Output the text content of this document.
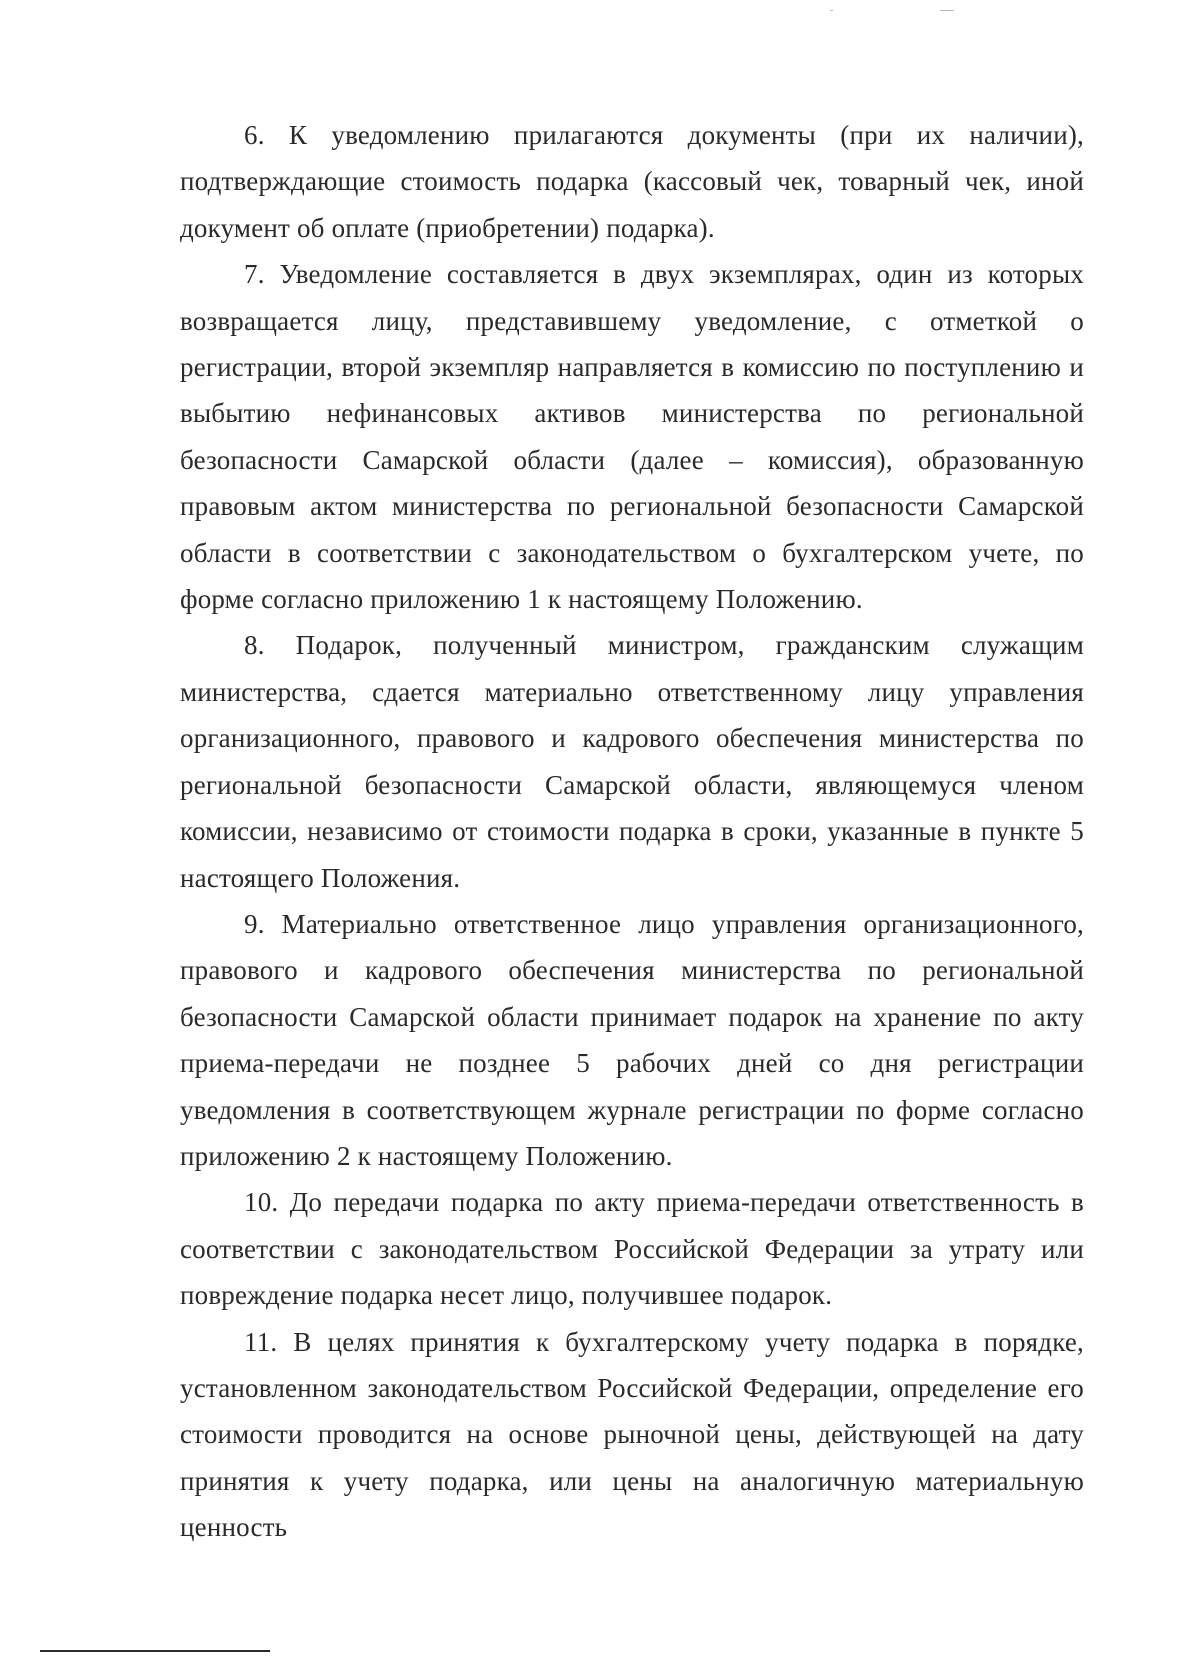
6. К уведомлению прилагаются документы (при их наличии), подтверждающие стоимость подарка (кассовый чек, товарный чек, иной документ об оплате (приобретении) подарка).

7. Уведомление составляется в двух экземплярах, один из которых возвращается лицу, представившему уведомление, с отметкой о регистрации, второй экземпляр направляется в комиссию по поступлению и выбытию нефинансовых активов министерства по региональной безопасности Самарской области (далее – комиссия), образованную правовым актом министерства по региональной безопасности Самарской области в соответствии с законодательством о бухгалтерском учете, по форме согласно приложению 1 к настоящему Положению.

8. Подарок, полученный министром, гражданским служащим министерства, сдается материально ответственному лицу управления организационного, правового и кадрового обеспечения министерства по региональной безопасности Самарской области, являющемуся членом комиссии, независимо от стоимости подарка в сроки, указанные в пункте 5 настоящего Положения.

9. Материально ответственное лицо управления организационного, правового и кадрового обеспечения министерства по региональной безопасности Самарской области принимает подарок на хранение по акту приема-передачи не позднее 5 рабочих дней со дня регистрации уведомления в соответствующем журнале регистрации по форме согласно приложению 2 к настоящему Положению.

10. До передачи подарка по акту приема-передачи ответственность в соответствии с законодательством Российской Федерации за утрату или повреждение подарка несет лицо, получившее подарок.

11. В целях принятия к бухгалтерскому учету подарка в порядке, установленном законодательством Российской Федерации, определение его стоимости проводится на основе рыночной цены, действующей на дату принятия к учету подарка, или цены на аналогичную материальную ценность
